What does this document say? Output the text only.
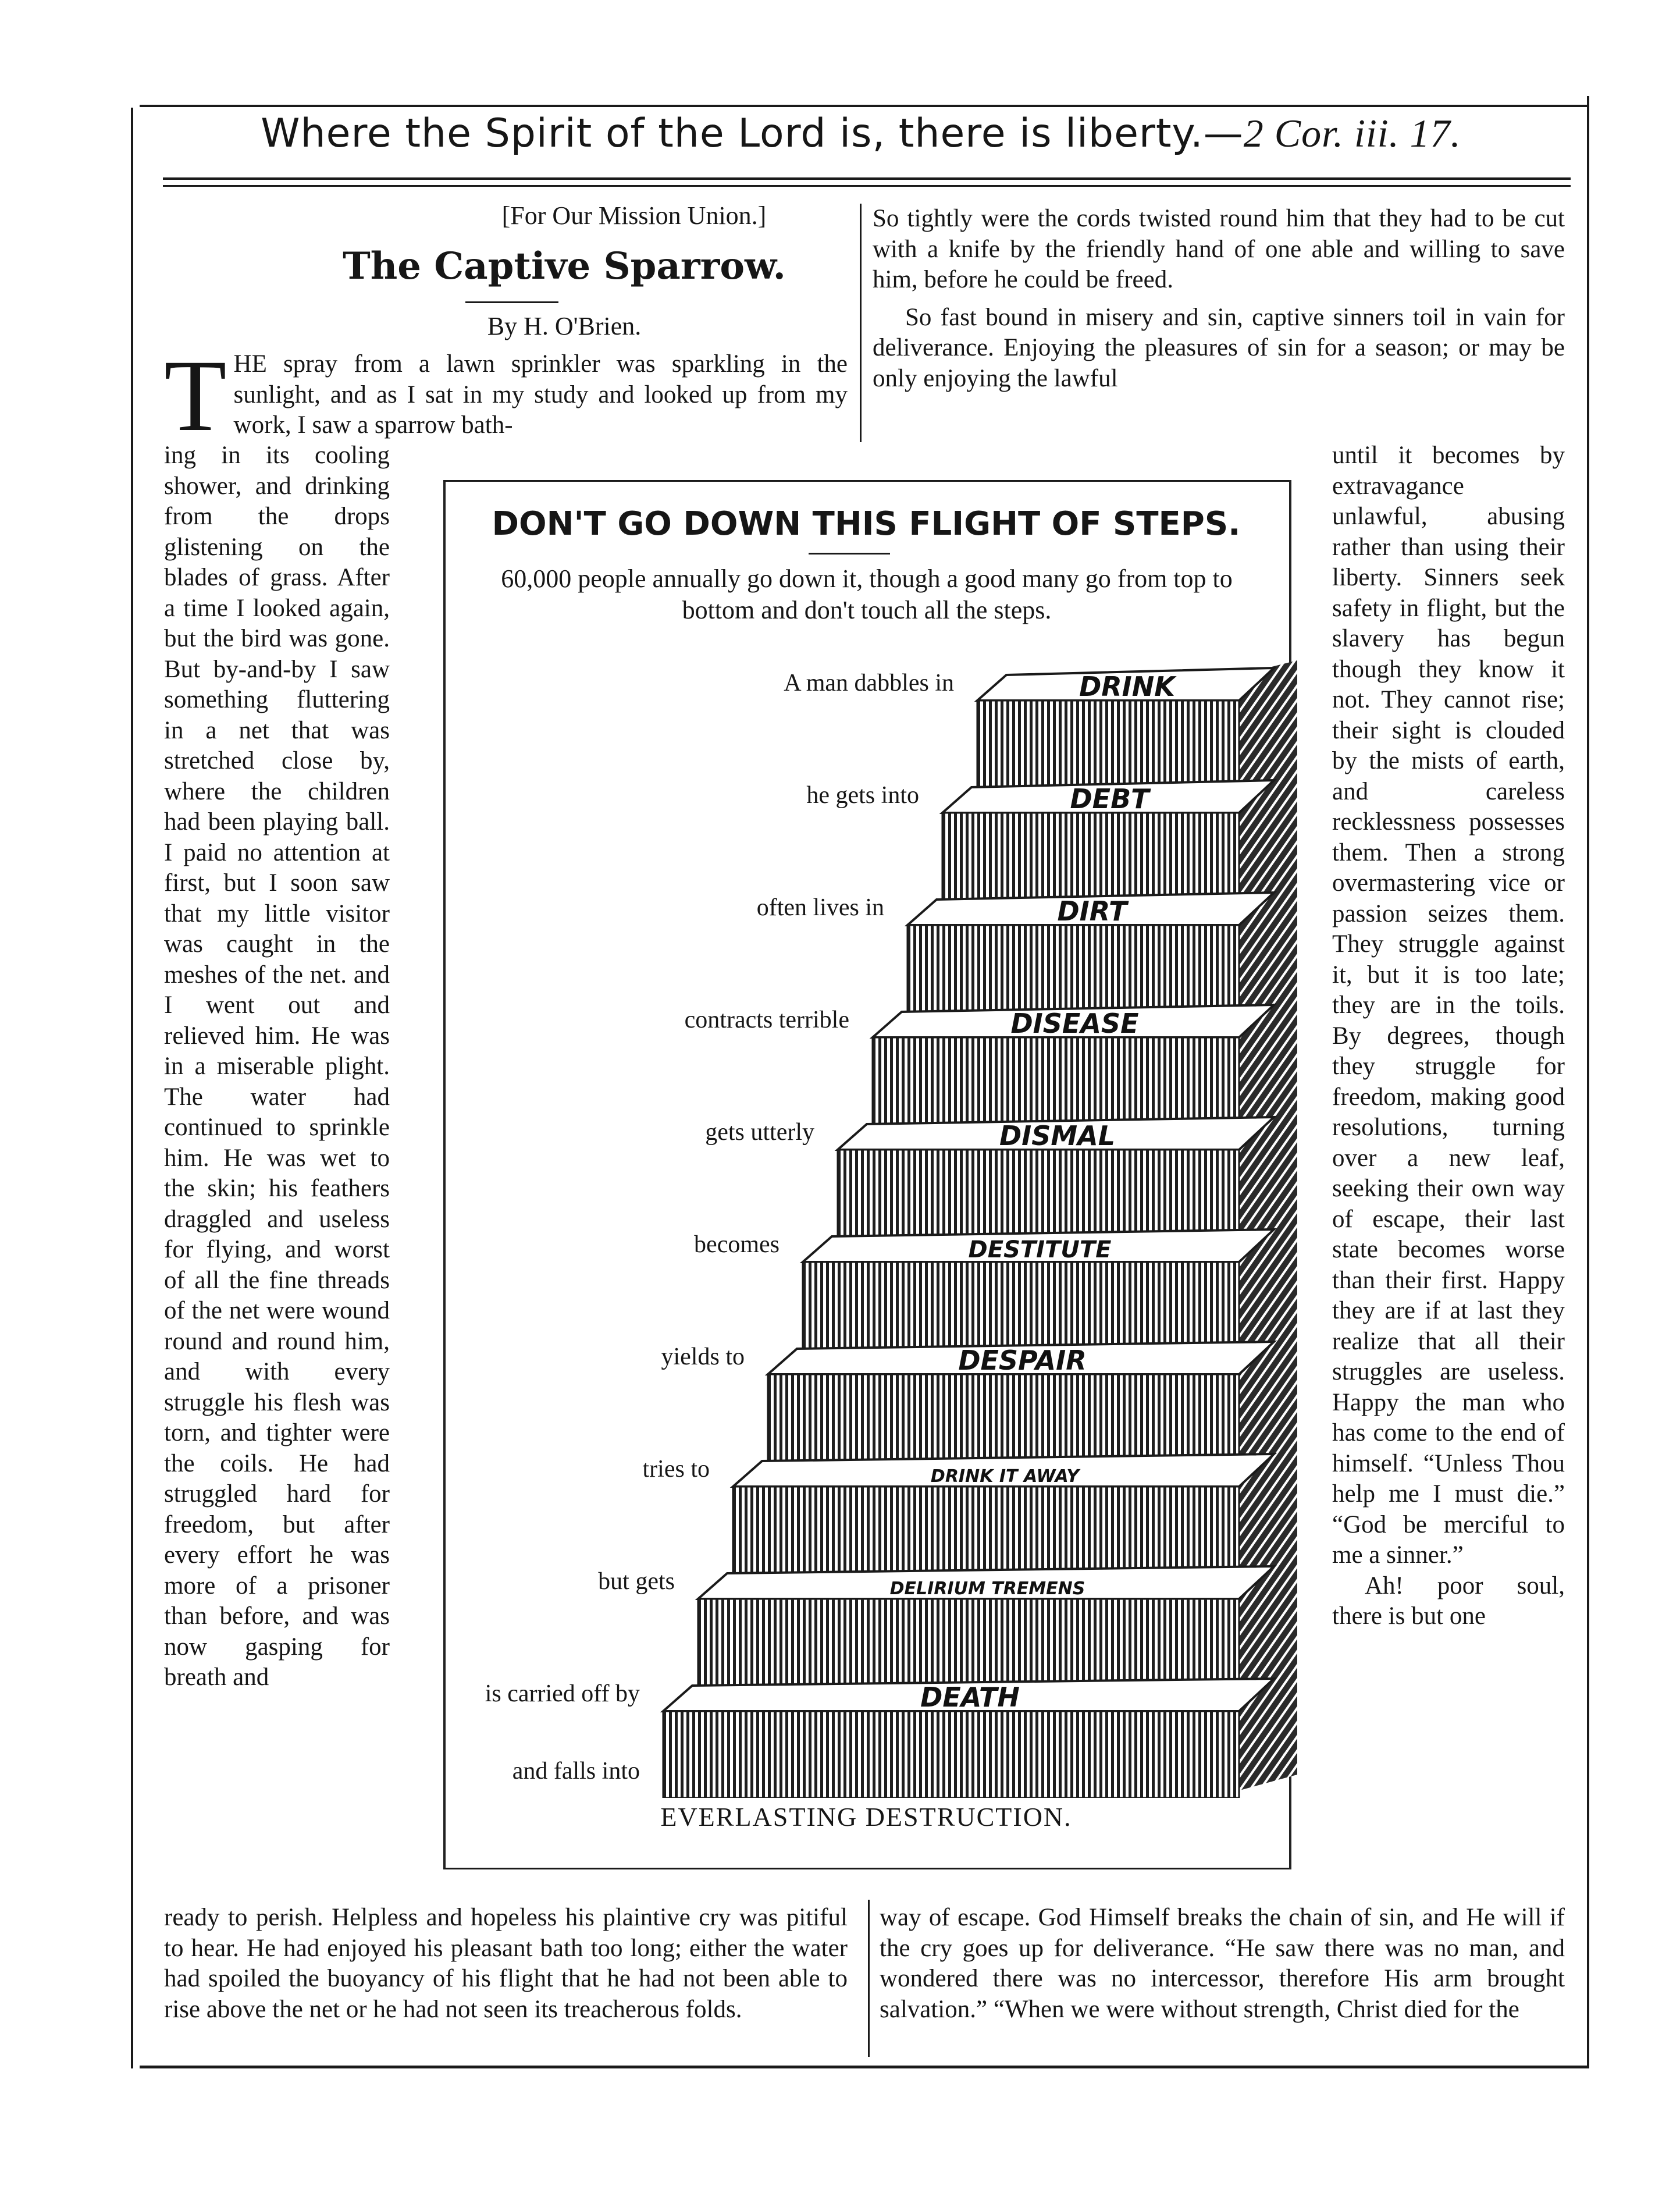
Where the Spirit of the Lord is, there is liberty.—2 Cor. iii. 17.
[For Our Mission Union.]
The Captive Sparrow.
By H. O'Brien.
T HE spray from a lawn sprinkler was sparkling in the sunlight, and as I sat in my study and looked up from my work, I saw a sparrow bath-

ing in its cooling shower, and drinking from the drops glistening on the blades of grass. After a time I looked again, but the bird was gone. But by-and-by I saw something fluttering in a net that was stretched close by, where the children had been playing ball. I paid no attention at first, but I soon saw that my little visitor was caught in the meshes of the net. and I went out and relieved him. He was in a miserable plight. The water had continued to sprinkle him. He was wet to the skin; his feathers draggled and useless for flying, and worst of all the fine threads of the net were wound round and round him, and with every struggle his flesh was torn, and tighter were the coils. He had struggled hard for freedom, but after every effort he was more of a prisoner than before, and was now gasping for breath and

ready to perish. Helpless and hopeless his plaintive cry was pitiful to hear. He had enjoyed his pleasant bath too long; either the water had spoiled the buoyancy of his flight that he had not been able to rise above the net or he had not seen its treacherous folds.

So tightly were the cords twisted round him that they had to be cut with a knife by the friendly hand of one able and willing to save him, before he could be freed.

So fast bound in misery and sin, captive sinners toil in vain for deliverance. Enjoying the pleasures of sin for a season; or may be only enjoying the lawful

until it becomes by extravagance unlawful, abusing rather than using their liberty. Sinners seek safety in flight, but the slavery has begun though they know it not. They cannot rise; their sight is clouded by the mists of earth, and careless recklessness possesses them. Then a strong overmastering vice or passion seizes them. They struggle against it, but it is too late; they are in the toils. By degrees, though they struggle for freedom, making good resolutions, turning over a new leaf, seeking their own way of escape, their last state becomes worse than their first. Happy they are if at last they realize that all their struggles are useless. Happy the man who has come to the end of himself. “Unless Thou help me I must die.” “God be merciful to me a sinner.”

Ah! poor soul, there is but one

way of escape. God Himself breaks the chain of sin, and He will if the cry goes up for deliverance. “He saw there was no man, and wondered there was no intercessor, therefore His arm brought salvation.” “When we were without strength, Christ died for the

DON'T GO DOWN THIS FLIGHT OF STEPS.
60,000 people annually go down it, though a good many go from top to bottom and don't touch all the steps.
DRINK
DEBT
DIRT
DISEASE
DISMAL
DESTITUTE
DESPAIR
DRINK IT AWAY
DELIRIUM TREMENS
DEATH
A man dabbles in
he gets into
often lives in
contracts terrible
gets utterly
becomes
yields to
tries to
but gets
is carried off by
and falls into
EVERLASTING DESTRUCTION.
